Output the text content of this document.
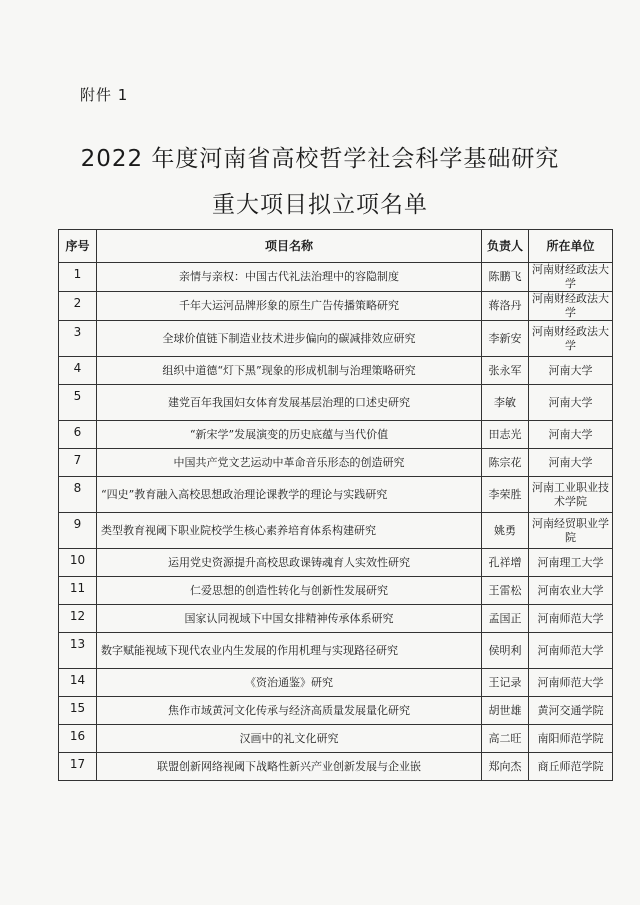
附件 1
2022 年度河南省高校哲学社会科学基础研究
重大项目拟立项名单
序号	项目名称	负责人	所在单位
1	亲情与亲权：中国古代礼法治理中的容隐制度	陈鹏飞	河南财经政法大学
2	千年大运河品牌形象的原生广告传播策略研究	蒋洛丹	河南财经政法大学
3	全球价值链下制造业技术进步偏向的碳减排效应研究	李新安	河南财经政法大学
4	组织中道德“灯下黑”现象的形成机制与治理策略研究	张永军	河南大学
5	建党百年我国妇女体育发展基层治理的口述史研究	李敏	河南大学
6	“新宋学”发展演变的历史底蕴与当代价值	田志光	河南大学
7	中国共产党文艺运动中革命音乐形态的创造研究	陈宗花	河南大学
8	“四史”教育融入高校思想政治理论课教学的理论与实践研究	李荣胜	河南工业职业技术学院
9	类型教育视阈下职业院校学生核心素养培育体系构建研究	姚勇	河南经贸职业学院
10	运用党史资源提升高校思政课铸魂育人实效性研究	孔祥增	河南理工大学
11	仁爱思想的创造性转化与创新性发展研究	王雷松	河南农业大学
12	国家认同视域下中国女排精神传承体系研究	孟国正	河南师范大学
13	数字赋能视域下现代农业内生发展的作用机理与实现路径研究	侯明利	河南师范大学
14	《资治通鉴》研究	王记录	河南师范大学
15	焦作市域黄河文化传承与经济高质量发展量化研究	胡世雄	黄河交通学院
16	汉画中的礼文化研究	高二旺	南阳师范学院
17	联盟创新网络视阈下战略性新兴产业创新发展与企业嵌	郑向杰	商丘师范学院
